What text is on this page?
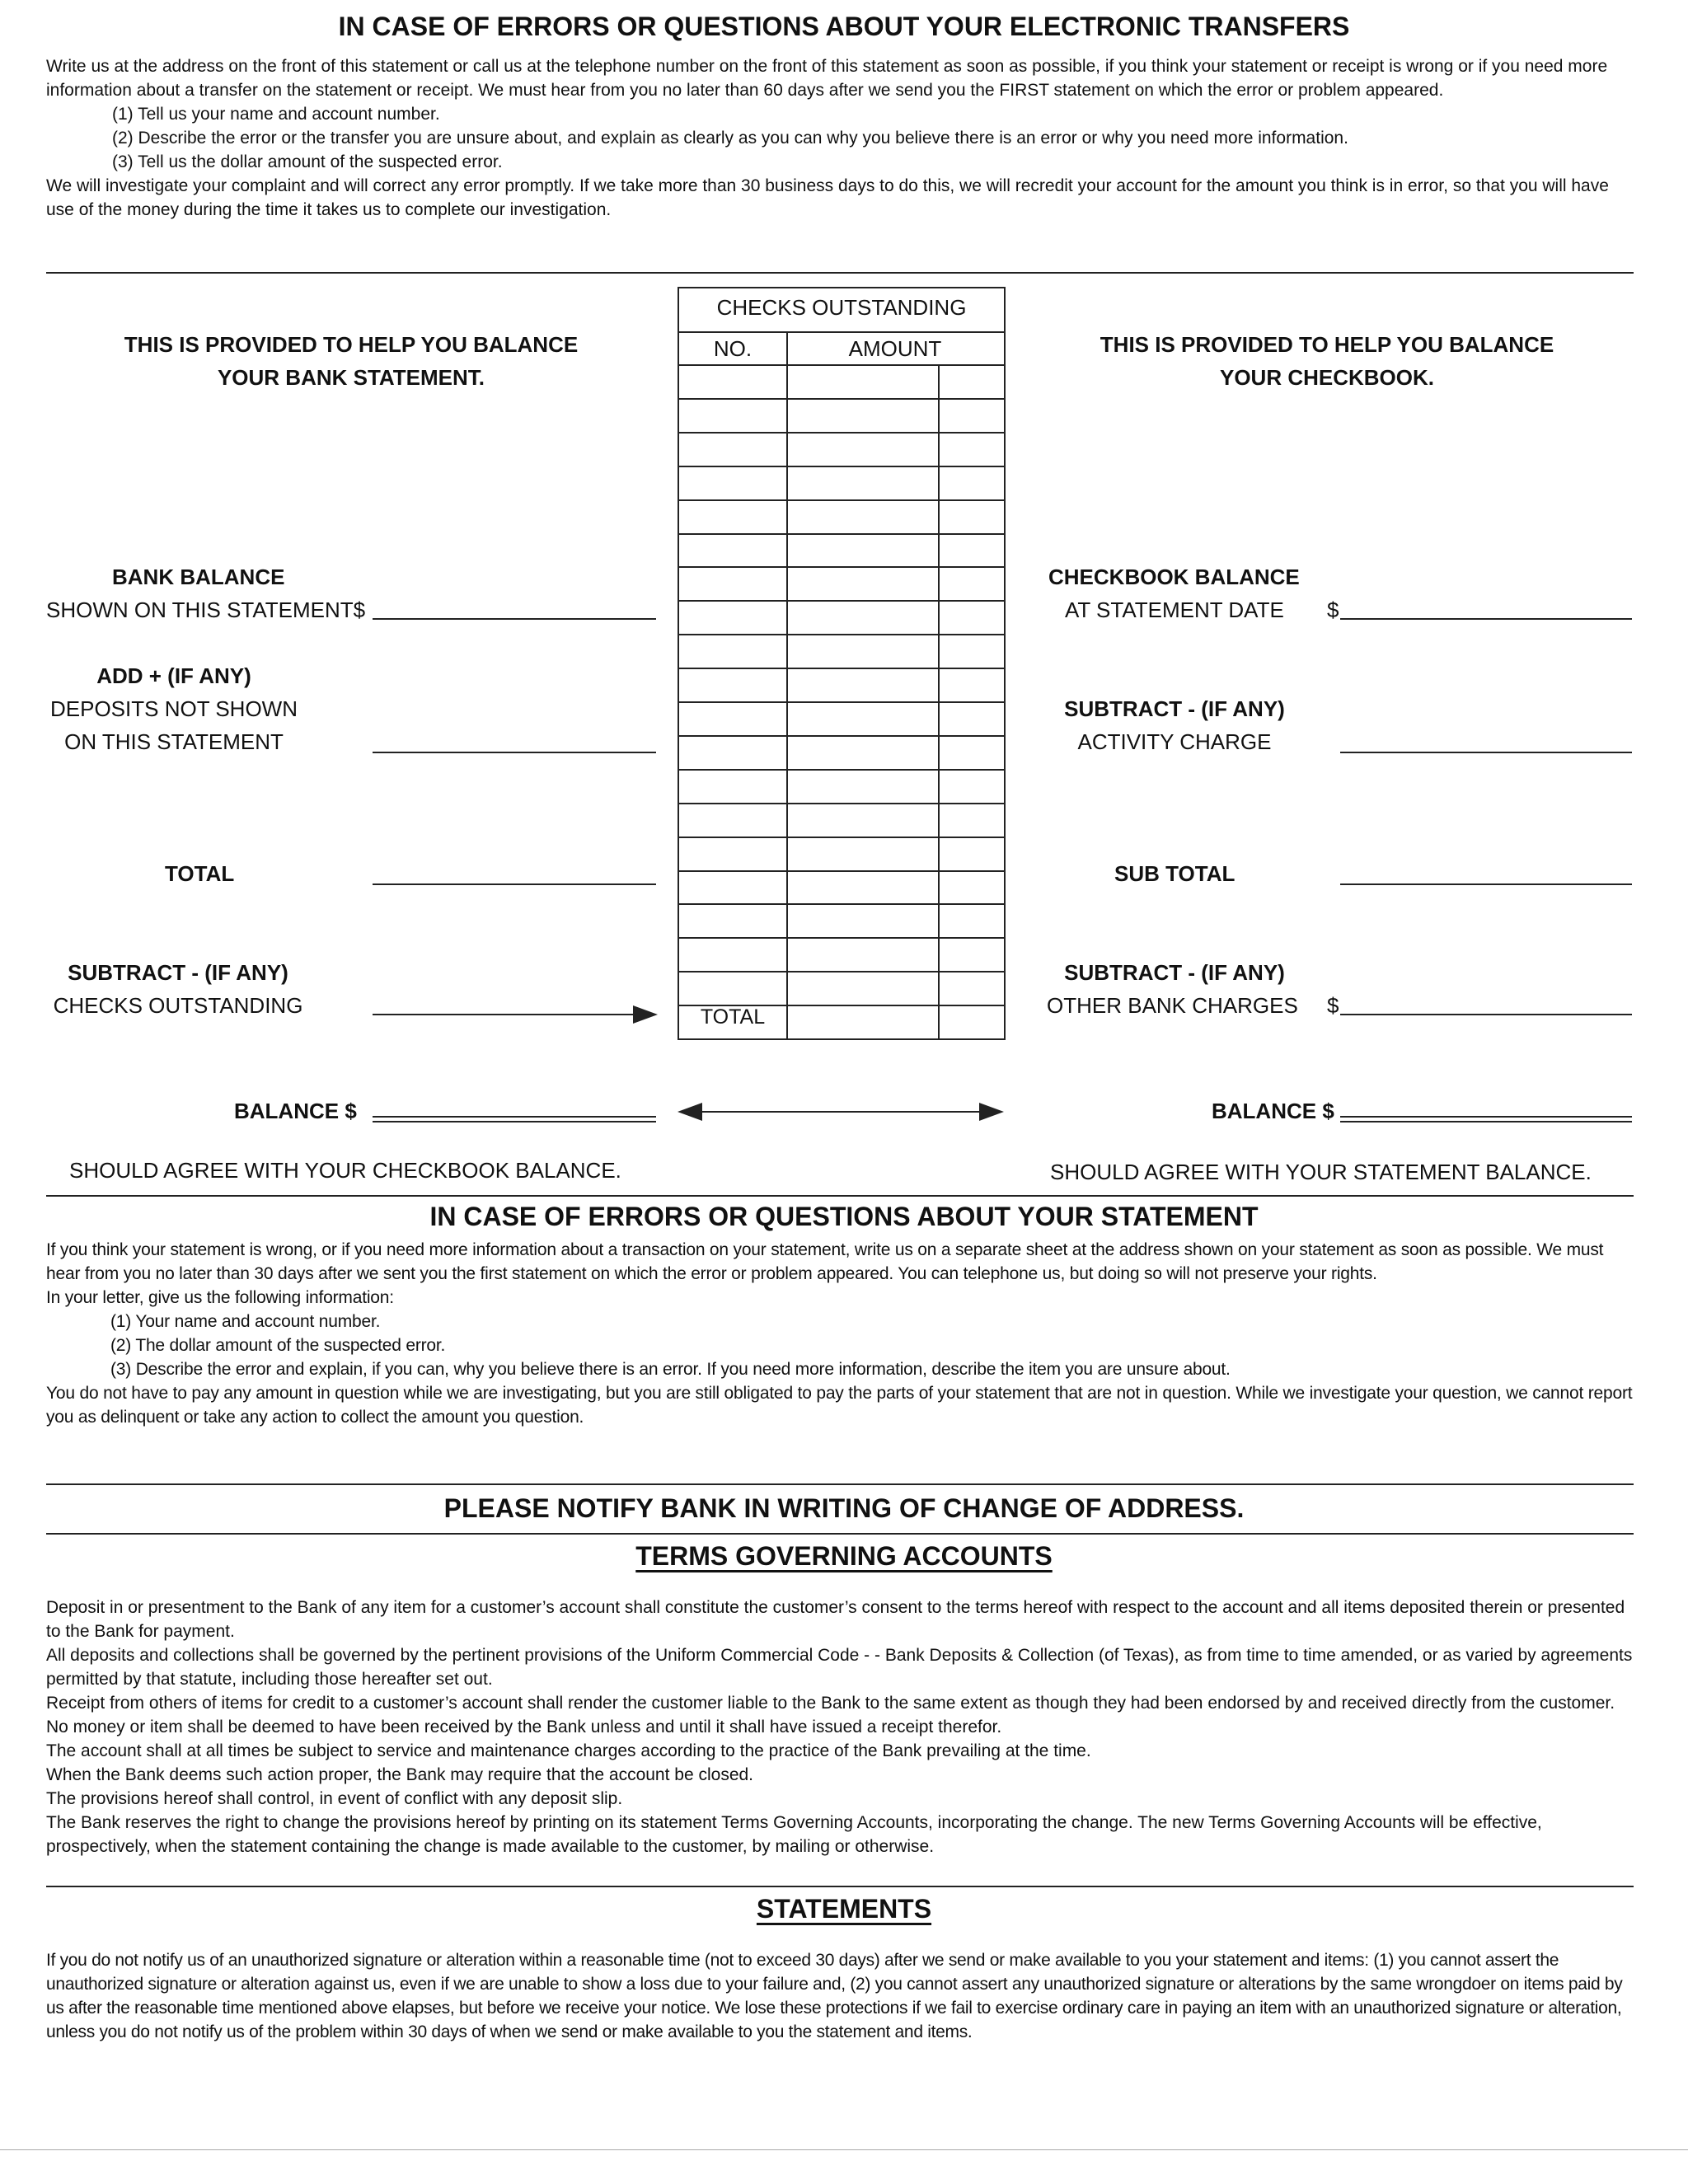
IN CASE OF ERRORS OR QUESTIONS ABOUT YOUR ELECTRONIC TRANSFERS

Write us at the address on the front of this statement or call us at the telephone number on the front of this statement as soon as possible, if you think your statement or receipt is wrong or if you need more information about a transfer on the statement or receipt. We must hear from you no later than 60 days after we send you the FIRST statement on which the error or problem appeared.

(1) Tell us your name and account number.

(2) Describe the error or the transfer you are unsure about, and explain as clearly as you can why you believe there is an error or why you need more information.

(3) Tell us the dollar amount of the suspected error.

We will investigate your complaint and will correct any error promptly. If we take more than 30 business days to do this, we will recredit your account for the amount you think is in error, so that you will have use of the money during the time it takes us to complete our investigation.

THIS IS PROVIDED TO HELP YOU BALANCE
YOUR BANK STATEMENT.
BANK BALANCE
SHOWN ON THIS STATEMENT$
ADD + (IF ANY)
DEPOSITS NOT SHOWN
ON THIS STATEMENT
TOTAL
SUBTRACT - (IF ANY)
CHECKS OUTSTANDING
BALANCE $
SHOULD AGREE WITH YOUR CHECKBOOK BALANCE.
CHECKS OUTSTANDING
NO.	AMOUNT
TOTAL
THIS IS PROVIDED TO HELP YOU BALANCE
YOUR CHECKBOOK.
CHECKBOOK BALANCE
AT STATEMENT DATE $
SUBTRACT - (IF ANY)
ACTIVITY CHARGE
SUB TOTAL
SUBTRACT - (IF ANY)
OTHER BANK CHARGES $
BALANCE $
SHOULD AGREE WITH YOUR STATEMENT BALANCE.
IN CASE OF ERRORS OR QUESTIONS ABOUT YOUR STATEMENT

If you think your statement is wrong, or if you need more information about a transaction on your statement, write us on a separate sheet at the address shown on your statement as soon as possible. We must hear from you no later than 30 days after we sent you the first statement on which the error or problem appeared. You can telephone us, but doing so will not preserve your rights.

In your letter, give us the following information:

(1) Your name and account number.

(2) The dollar amount of the suspected error.

(3) Describe the error and explain, if you can, why you believe there is an error. If you need more information, describe the item you are unsure about.

You do not have to pay any amount in question while we are investigating, but you are still obligated to pay the parts of your statement that are not in question. While we investigate your question, we cannot report you as delinquent or take any action to collect the amount you question.

PLEASE NOTIFY BANK IN WRITING OF CHANGE OF ADDRESS.
TERMS GOVERNING ACCOUNTS

Deposit in or presentment to the Bank of any item for a customer’s account shall constitute the customer’s consent to the terms hereof with respect to the account and all items deposited therein or presented to the Bank for payment.

All deposits and collections shall be governed by the pertinent provisions of the Uniform Commercial Code - - Bank Deposits & Collection (of Texas), as from time to time amended, or as varied by agreements permitted by that statute, including those hereafter set out.

Receipt from others of items for credit to a customer’s account shall render the customer liable to the Bank to the same extent as though they had been endorsed by and received directly from the customer. No money or item shall be deemed to have been received by the Bank unless and until it shall have issued a receipt therefor.

The account shall at all times be subject to service and maintenance charges according to the practice of the Bank prevailing at the time.

When the Bank deems such action proper, the Bank may require that the account be closed.

The provisions hereof shall control, in event of conflict with any deposit slip.

The Bank reserves the right to change the provisions hereof by printing on its statement Terms Governing Accounts, incorporating the change. The new Terms Governing Accounts will be effective, prospectively, when the statement containing the change is made available to the customer, by mailing or otherwise.

STATEMENTS

If you do not notify us of an unauthorized signature or alteration within a reasonable time (not to exceed 30 days) after we send or make available to you your statement and items: (1) you cannot assert the unauthorized signature or alteration against us, even if we are unable to show a loss due to your failure and, (2) you cannot assert any unauthorized signature or alterations by the same wrongdoer on items paid by us after the reasonable time mentioned above elapses, but before we receive your notice. We lose these protections if we fail to exercise ordinary care in paying an item with an unauthorized signature or alteration, unless you do not notify us of the problem within 30 days of when we send or make available to you the statement and items.
